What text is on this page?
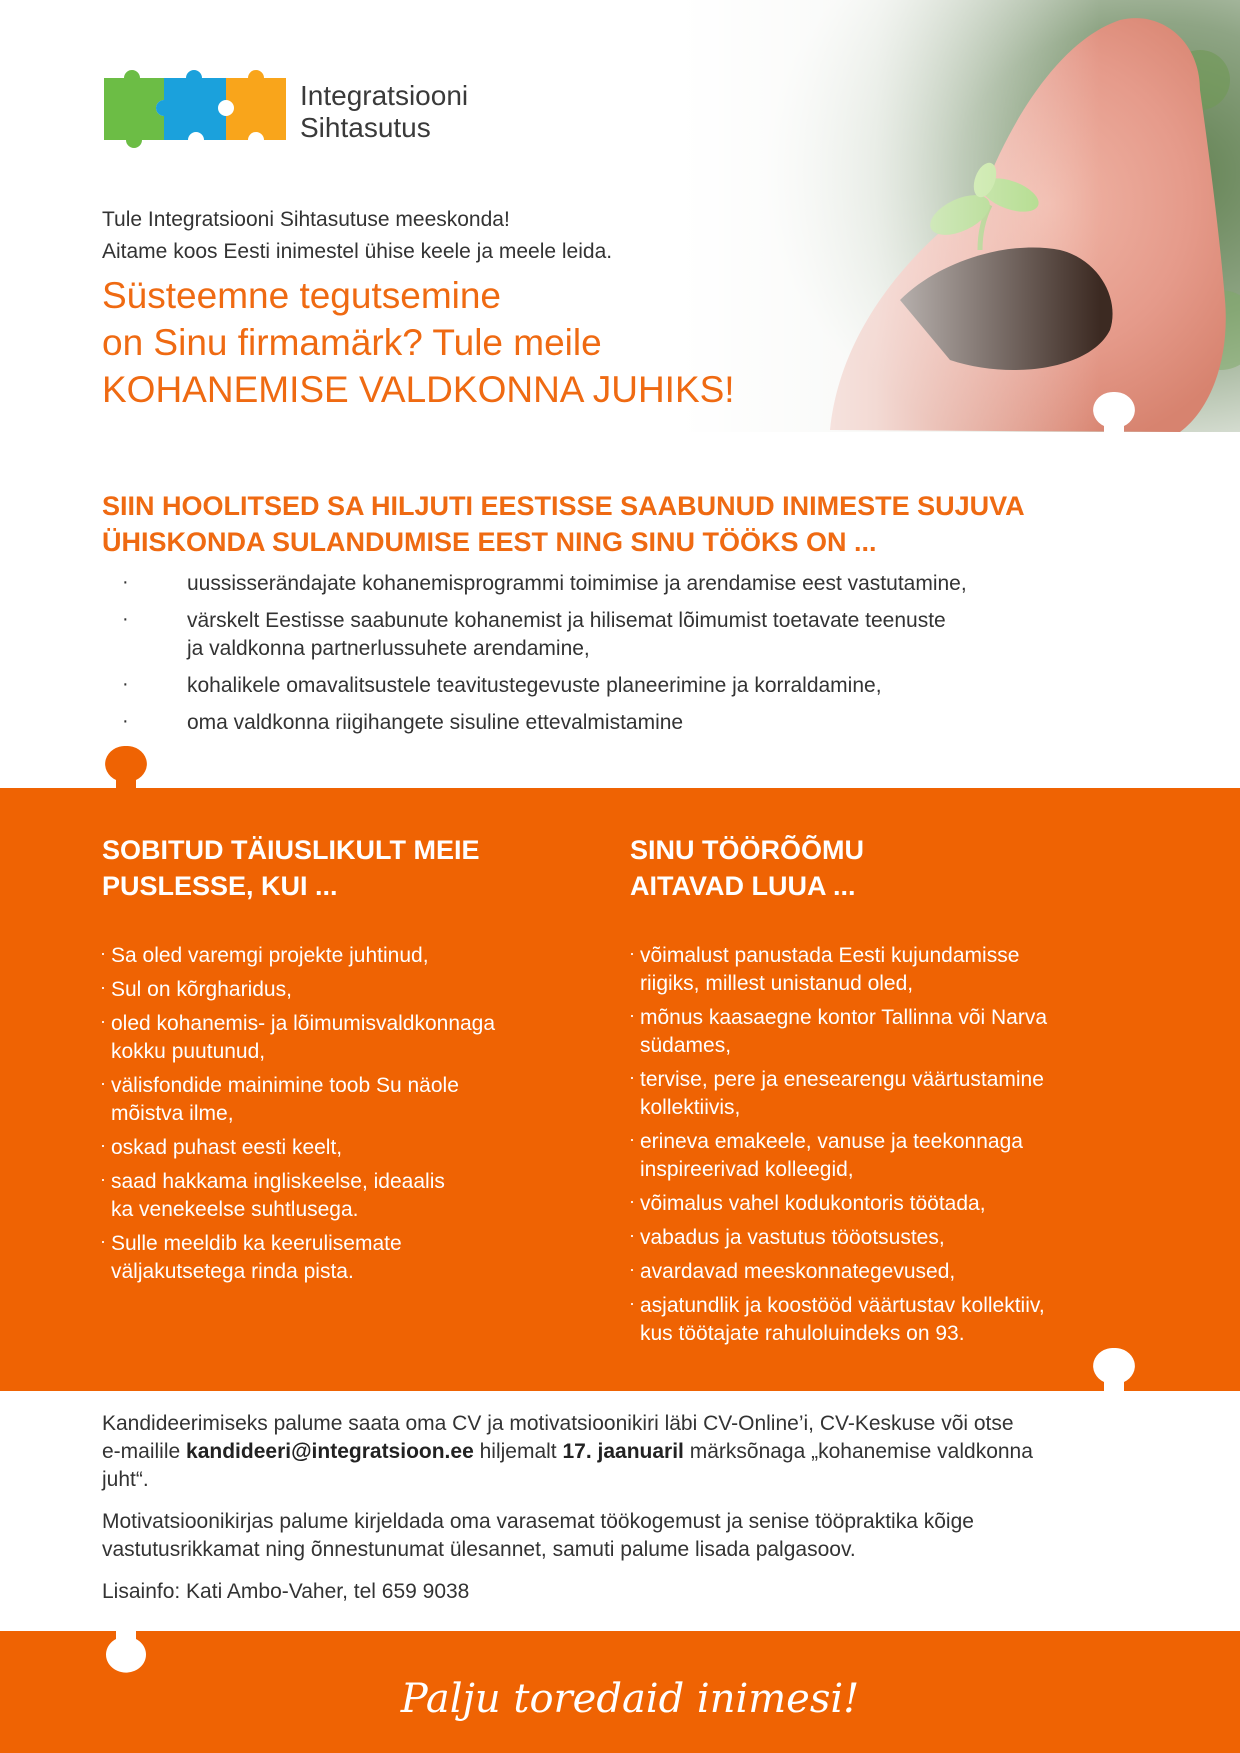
Integratsiooni
Sihtasutus
Tule Integratsiooni Sihtasutuse meeskonda!
Aitame koos Eesti inimestel ühise keele ja meele leida.
Süsteemne tegutsemine
on Sinu firmamärk? Tule meile
KOHANEMISE VALDKONNA JUHIKS!
SIIN HOOLITSED SA HILJUTI EESTISSE SAABUNUD INIMESTE SUJUVA
ÜHISKONDA SULANDUMISE EEST NING SINU TÖÖKS ON ...
· uussisserändajate kohanemisprogrammi toimimise ja arendamise eest vastutamine,
· värskelt Eestisse saabunute kohanemist ja hilisemat lõimumist toetavate teenuste
ja valdkonna partnerlussuhete arendamine,
· kohalikele omavalitsustele teavitustegevuste planeerimine ja korraldamine,
· oma valdkonna riigihangete sisuline ettevalmistamine
SOBITUD TÄIUSLIKULT MEIE
PUSLESSE, KUI ...
· Sa oled varemgi projekte juhtinud,
· Sul on kõrgharidus,
· oled kohanemis- ja lõimumisvaldkonnaga
kokku puutunud,
· välisfondide mainimine toob Su näole
mõistva ilme,
· oskad puhast eesti keelt,
· saad hakkama ingliskeelse, ideaalis
ka venekeelse suhtlusega.
· Sulle meeldib ka keerulisemate
väljakutsetega rinda pista.
SINU TÖÖRÕÕMU
AITAVAD LUUA ...
· võimalust panustada Eesti kujundamisse
riigiks, millest unistanud oled,
· mõnus kaasaegne kontor Tallinna või Narva
südames,
· tervise, pere ja enesearengu väärtustamine
kollektiivis,
· erineva emakeele, vanuse ja teekonnaga
inspireerivad kolleegid,
· võimalus vahel kodukontoris töötada,
· vabadus ja vastutus tööotsustes,
· avardavad meeskonnategevused,
· asjatundlik ja koostööd väärtustav kollektiiv,
kus töötajate rahuloluindeks on 93.

Kandideerimiseks palume saata oma CV ja motivatsioonikiri läbi CV-Online’i, CV-Keskuse või otse
e-mailile kandideeri@integratsioon.ee hiljemalt 17. jaanuaril märksõnaga „kohanemise valdkonna
juht“.

Motivatsioonikirjas palume kirjeldada oma varasemat töökogemust ja senise tööpraktika kõige
vastutusrikkamat ning õnnestunumat ülesannet, samuti palume lisada palgasoov.

Lisainfo: Kati Ambo-Vaher, tel 659 9038

Palju toredaid inimesi!
